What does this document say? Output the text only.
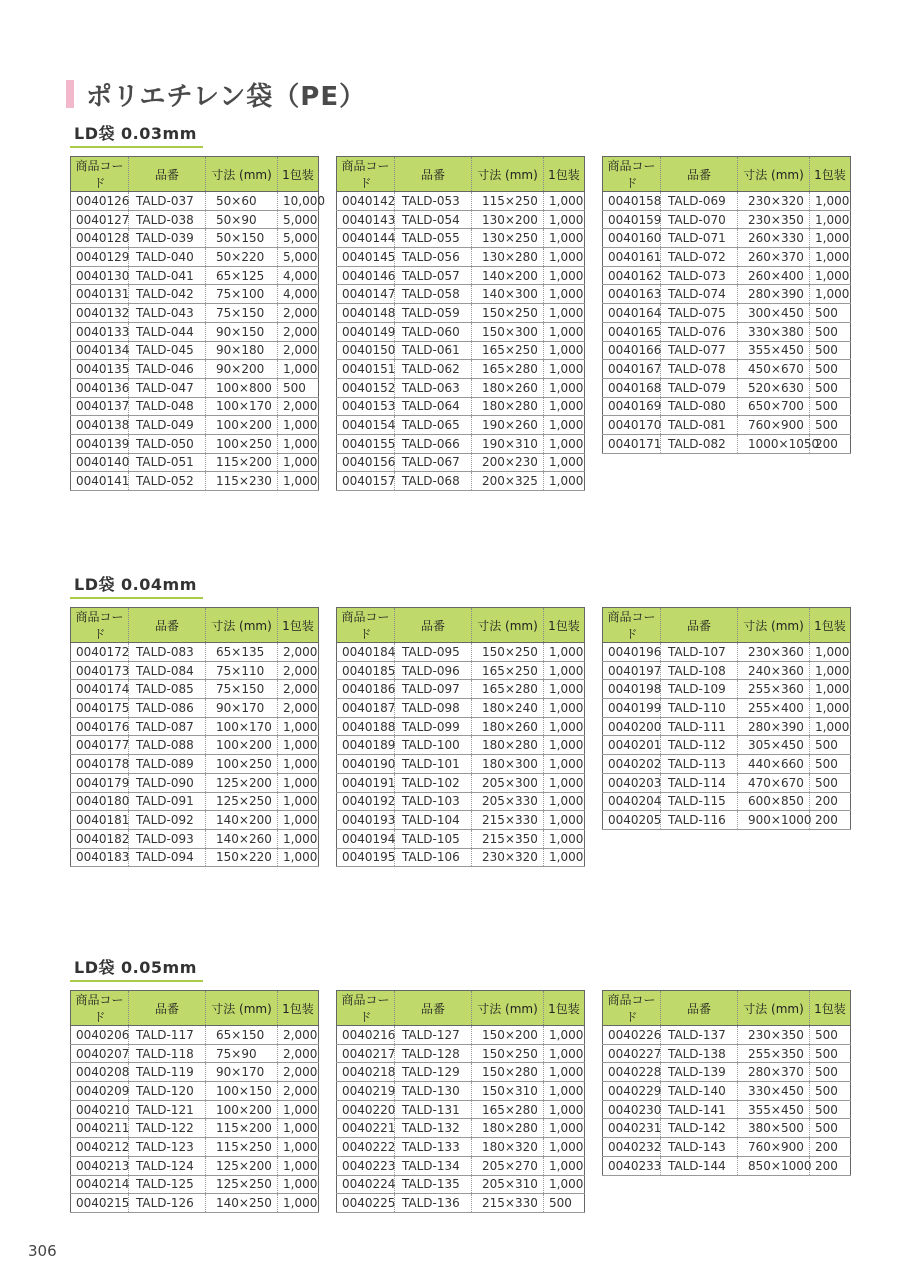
ポリエチレン袋（PE）
LD袋 0.03mm
商品コード	品番	寸法 (mm)	1包装
0040126	TALD-037	50×60	10,000
0040127	TALD-038	50×90	5,000
0040128	TALD-039	50×150	5,000
0040129	TALD-040	50×220	5,000
0040130	TALD-041	65×125	4,000
0040131	TALD-042	75×100	4,000
0040132	TALD-043	75×150	2,000
0040133	TALD-044	90×150	2,000
0040134	TALD-045	90×180	2,000
0040135	TALD-046	90×200	1,000
0040136	TALD-047	100×800	500
0040137	TALD-048	100×170	2,000
0040138	TALD-049	100×200	1,000
0040139	TALD-050	100×250	1,000
0040140	TALD-051	115×200	1,000
0040141	TALD-052	115×230	1,000
商品コード	品番	寸法 (mm)	1包装
0040142	TALD-053	115×250	1,000
0040143	TALD-054	130×200	1,000
0040144	TALD-055	130×250	1,000
0040145	TALD-056	130×280	1,000
0040146	TALD-057	140×200	1,000
0040147	TALD-058	140×300	1,000
0040148	TALD-059	150×250	1,000
0040149	TALD-060	150×300	1,000
0040150	TALD-061	165×250	1,000
0040151	TALD-062	165×280	1,000
0040152	TALD-063	180×260	1,000
0040153	TALD-064	180×280	1,000
0040154	TALD-065	190×260	1,000
0040155	TALD-066	190×310	1,000
0040156	TALD-067	200×230	1,000
0040157	TALD-068	200×325	1,000
商品コード	品番	寸法 (mm)	1包装
0040158	TALD-069	230×320	1,000
0040159	TALD-070	230×350	1,000
0040160	TALD-071	260×330	1,000
0040161	TALD-072	260×370	1,000
0040162	TALD-073	260×400	1,000
0040163	TALD-074	280×390	1,000
0040164	TALD-075	300×450	500
0040165	TALD-076	330×380	500
0040166	TALD-077	355×450	500
0040167	TALD-078	450×670	500
0040168	TALD-079	520×630	500
0040169	TALD-080	650×700	500
0040170	TALD-081	760×900	500
0040171	TALD-082	1000×1050	200
LD袋 0.04mm
商品コード	品番	寸法 (mm)	1包装
0040172	TALD-083	65×135	2,000
0040173	TALD-084	75×110	2,000
0040174	TALD-085	75×150	2,000
0040175	TALD-086	90×170	2,000
0040176	TALD-087	100×170	1,000
0040177	TALD-088	100×200	1,000
0040178	TALD-089	100×250	1,000
0040179	TALD-090	125×200	1,000
0040180	TALD-091	125×250	1,000
0040181	TALD-092	140×200	1,000
0040182	TALD-093	140×260	1,000
0040183	TALD-094	150×220	1,000
商品コード	品番	寸法 (mm)	1包装
0040184	TALD-095	150×250	1,000
0040185	TALD-096	165×250	1,000
0040186	TALD-097	165×280	1,000
0040187	TALD-098	180×240	1,000
0040188	TALD-099	180×260	1,000
0040189	TALD-100	180×280	1,000
0040190	TALD-101	180×300	1,000
0040191	TALD-102	205×300	1,000
0040192	TALD-103	205×330	1,000
0040193	TALD-104	215×330	1,000
0040194	TALD-105	215×350	1,000
0040195	TALD-106	230×320	1,000
商品コード	品番	寸法 (mm)	1包装
0040196	TALD-107	230×360	1,000
0040197	TALD-108	240×360	1,000
0040198	TALD-109	255×360	1,000
0040199	TALD-110	255×400	1,000
0040200	TALD-111	280×390	1,000
0040201	TALD-112	305×450	500
0040202	TALD-113	440×660	500
0040203	TALD-114	470×670	500
0040204	TALD-115	600×850	200
0040205	TALD-116	900×1000	200
LD袋 0.05mm
商品コード	品番	寸法 (mm)	1包装
0040206	TALD-117	65×150	2,000
0040207	TALD-118	75×90	2,000
0040208	TALD-119	90×170	2,000
0040209	TALD-120	100×150	2,000
0040210	TALD-121	100×200	1,000
0040211	TALD-122	115×200	1,000
0040212	TALD-123	115×250	1,000
0040213	TALD-124	125×200	1,000
0040214	TALD-125	125×250	1,000
0040215	TALD-126	140×250	1,000
商品コード	品番	寸法 (mm)	1包装
0040216	TALD-127	150×200	1,000
0040217	TALD-128	150×250	1,000
0040218	TALD-129	150×280	1,000
0040219	TALD-130	150×310	1,000
0040220	TALD-131	165×280	1,000
0040221	TALD-132	180×280	1,000
0040222	TALD-133	180×320	1,000
0040223	TALD-134	205×270	1,000
0040224	TALD-135	205×310	1,000
0040225	TALD-136	215×330	500
商品コード	品番	寸法 (mm)	1包装
0040226	TALD-137	230×350	500
0040227	TALD-138	255×350	500
0040228	TALD-139	280×370	500
0040229	TALD-140	330×450	500
0040230	TALD-141	355×450	500
0040231	TALD-142	380×500	500
0040232	TALD-143	760×900	200
0040233	TALD-144	850×1000	200
306
